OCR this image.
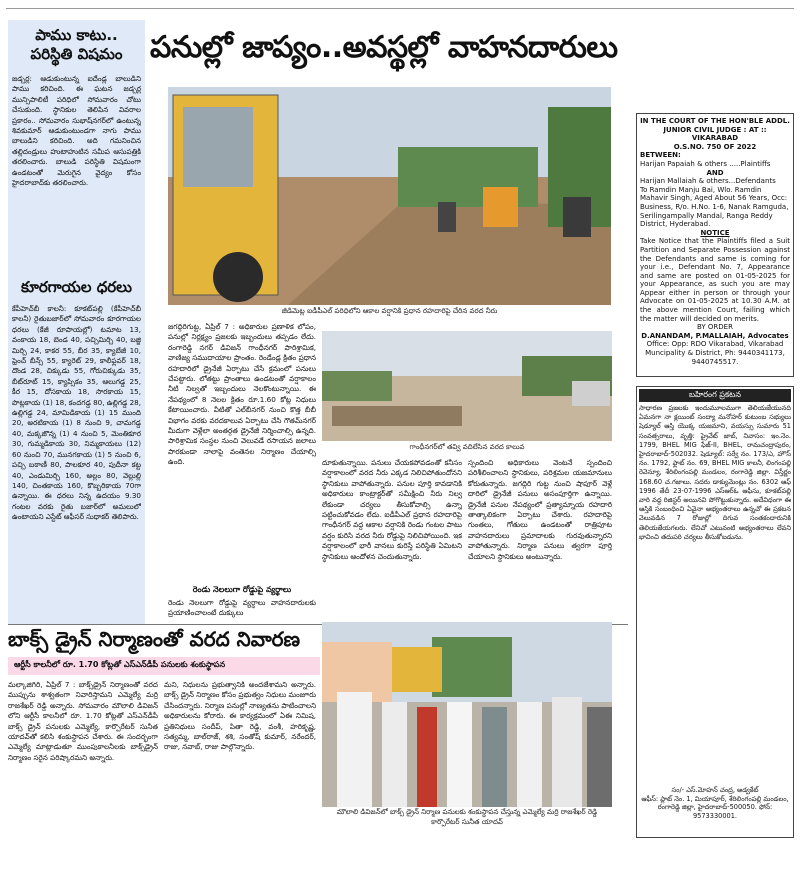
పాము కాటు.. పరిస్థితి విషమం
జడ్చర్ల: ఆడుకుంటున్న ఐదేండ్ల బాలుడిని పాము కరిచింది. ఈ ఘటన జడ్చర్ల మున్సిపాలిటీ పరిధిలో సోమవారం చోటు చేసుకుంది. స్థానికుల తెలిపిన వివరాల ప్రకారం.. సోమవారం సుభాష్‌నగర్‌లో ఉంటున్న శివకుమార్ ఆడుకుంటుండగా నాగు పాము బాలుడిని కరిచింది. అది గమనించిన తల్లిదండ్రులు హుటాహుటిన సమీప ఆసుపత్రికి తరలించారు. బాలుడి పరిస్థితి విషమంగా ఉండటంతో మెరుగైన వైద్యం కోసం హైదరాబాద్‌కు తరలించారు.
కూరగాయల ధరలు
కేపీహెచ్‌బీ కాలనీ: కూకట్‌పల్లి (కేపీహెచ్‌బీ కాలనీ) రైతుబజార్‌లో సోమవారం కూరగాయల ధరలు (కేజీ రూపాయల్లో) టమాట 13, వంకాయ 18, బెండ 40, పచ్చిమిర్చి 40, బజ్జి మిర్చి 24, కాకర 55, బీర 35, క్యాబేజీ 10, ఫ్రెంచ్ బీన్స్ 55, క్యారెట్ 29, కాలీఫ్లవర్ 18, దొండ 28, చిక్కుడు 55, గోరుచిక్కుడు 35, బీట్‌రూట్ 15, క్యాప్సికం 35, ఆలుగడ్డ 25, కీర 15, దోసకాయ 18, సొరకాయ 15, పొట్లకాయ (1) 18, కందగడ్డ 80, ఉల్లిగడ్డ 28, ఉల్లిగడ్డ 24, మామిడికాయ (1) 15 ముంది 20, అరటికాయ (1) 8 నుంచి 9, చామగడ్డ 40, మక్కజొన్న (1) 4 నుంచి 5, మెంతికూర 30, గుమ్మడికాయ 30, నిమ్మకాయలు (12) 60 నుంచి 70, మునగకాయ (1) 5 నుంచి 6, పచ్చి బఠాణీ 80, పాలకూర 40, పుదీనా కట్ట 40, ఎండుమిర్చి 160, అల్లం 80, వెల్లుల్లి 140, చింతకాయ 160, కొబ్బరికాయ 70గా ఉన్నాయి. ఈ ధరలు నిన్న ఉదయం 9.30 గంటల వరకు రైతు బజార్‌లో అమలులో ఉంటాయని ఎస్టేట్ ఆఫీసర్ సుధాకర్ తెలిపారు.
పనుల్లో జాప్యం..అవస్థల్లో వాహనదారులు
జీడిమెట్ల ఐడీపీఎల్ పరిధిలోని ఆకాల వర్షానికి ప్రధాన రహదారిపై చేరిన వరద నీరు
గాంధీనగర్‌లో తవ్వి వదిలేసిన వరద కాలువ
జగద్గిరిగుట్ట, ఏప్రిల్ 7 : అధికారుల ప్రణాళిక లోపం, పనుల్లో నిర్లక్ష్యం ప్రజలకు ఇబ్బందులు తప్పడం లేదు. రంగారెడ్డి నగర్ డివిజన్ గాంధీనగర్ పారిశ్రామిక, వాణిజ్య సముదాయాల ప్రాంతం. రెండేండ్ల క్రితం ప్రధాన రహదారిలో డ్రైనేజీ ఏర్పాటు చేసే క్రమంలో పనులు చేపట్టారు. లోతట్టు ప్రాంతాలు ఉండటంతో వర్షాకాలం నీటి నిల్వతో ఇబ్బందులు నెలకొంటున్నాయి. ఈ నేపథ్యంలో 8 నెలల క్రితం రూ.1.60 కోట్ల నిధులు కేటాయించారు. వీటితో ఎల్‌బీనగర్ నుంచి కొత్త బీబీ విభాగం వరకు వరదకాలువ ఏర్పాటు చేసి గౌతమ్‌నగర్ మీదుగా వెళ్లేలా అంతర్గత డ్రైనేజీ నిర్మించాల్సి ఉన్నది. పారిశ్రామిక సంస్థల నుంచి వెలువడే రసాయన జలాలు పారకుండా నాలాపై వంతెనల నిర్మాణం చేయాల్సి ఉంది.
రెండు నెలలుగా రోడ్డుపై వ్యర్థాలు
రెండు నెలలుగా రోడ్డుపై వ్యర్థాలు వాహనదారులకు ప్రయాణించాలంటే దుక్కులు
దూకుతున్నాయి. పనులు చేయకపోవడంతో కనీసం వర్షాకాలంలో వరద నీరు ఎక్కడ నిలిచిపోతుందోనని స్థానికులు వాపోతున్నారు. పనుల పూర్తి కావడానికి అధికారులు కాంట్రాక్టర్‌తో సమీక్షించి నీరు నిల్వ లేకుండా చర్యలు తీసుకోవాల్సి ఉన్నా పట్టించుకోవడం లేదు. ఐడీపీఎల్ ప్రధాన రహదారిపై గాంధీనగర్ వద్ద ఆకాల వర్షానికి రెండు గంటల పాటు వర్షం కురిసి వరద నీరు రోడ్డుపై నిలిచిపోయింది. ఇక వర్షాకాలంలో భారీ వానలు కురిస్తే పరిస్థితి ఏమిటని స్థానికులు ఆందోళన చెందుతున్నారు.
స్పందించి అధికారులు వెంటనే స్పందించి పరిశీలించాలని స్థానికులు, పరిశ్రమల యజమానులు కోరుతున్నారు. జగద్గిరి గుట్ట నుంచి షాపూర్ వెళ్లే దారిలో డ్రైనేజీ పనులు అసంపూర్తిగా ఉన్నాయి. డ్రైనేజీ పనుల నేపథ్యంలో ప్రత్యామ్నాయ రహదారి తాత్కాలికంగా ఏర్పాటు చేశారు. రహదారిపై గుంతలు, గోతులు ఉండటంతో రాత్రిపూట వాహనదారులు ప్రమాదాలకు గురవుతున్నారని వాపోతున్నారు. నిర్మాణ పనులు త్వరగా పూర్తి చేయాలని స్థానికులు అంటున్నారు.
IN THE COURT OF THE HON'BLE ADDL. JUNIOR CIVIL JUDGE : AT :: VIKARABAD
O.S.NO. 750 OF 2022
BETWEEN:
Harijan Papaiah & others .....Plaintiffs
AND
Harijan Mallaiah & others...Defendants
To Ramdin Manju Bai, Wlo. Ramdin Mahavir Singh, Aged About 56 Years, Occ: Business, R/o. H.No. 1-6, Nanak Ramguda, Serilingampally Mandal, Ranga Reddy District, Hyderabad.
NOTICE
Take Notice that the Plaintiffs filed a Suit Partition and Separate Possession against the Defendants and same is coming for your i.e., Defendant No. 7, Appearance and same are posted on 01-05-2025 for your Appearance, as such you are may Appear either in person or through your Advocate on 01-05-2025 at 10.30 A.M. at the above mention Court, failing which the matter will decided on merits.
BY ORDER
D.ANANDAM, P.MALLAIAH, Advocates
Office: Opp: RDO Vikarabad, Vikarabad Muncipality & District, Ph: 9440341173, 9440745517.
బహిరంగ ప్రకటన
సాధారణ ప్రజలకు ఇందుమూలముగా తెలియజేయునది ఏమనగా నా క్లయింట్ సంద్యా మనోహర్ కుటుంబ సభ్యులు షెడ్యూల్ ఆస్తి యొక్క యజమాని, వయస్సు సుమారు 51 సంవత్సరాలు, వృత్తి: ప్రైవేట్ జాబ్, నివాసం: ఇం.నెం. 1799, BHEL MIG ఫేజ్-II, BHEL, రామచంద్రాపురం, హైదరాబాద్-502032. షెడ్యూల్: సర్వే నం. 173/ఎ, హౌస్ నం. 1792, ఫ్లాట్ నం. 69, BHEL MIG కాలనీ, లింగంపల్లి రెవెన్యూ, శేరిలింగంపల్లి మండలం, రంగారెడ్డి జిల్లా. విస్తీర్ణం 168.60 చ.గజాలు. సదరు డాక్యుమెంట్లు నం. 6302 ఆఫ్ 1996 తేదీ 23-07-1996 ఎస్‌ఆర్‌ఓ ఆఫీసు, కూకట్‌పల్లి వారి వద్ద రిజిస్టర్ అయినవి పోగొట్టుకున్నారు. అదేవిధంగా ఈ ఆస్తికి సంబంధించి ఏవైనా అభ్యంతరాలు ఉన్నచో ఈ ప్రకటన వెలువడిన 7 రోజుల్లో దిగువ సంతకందారునికి తెలియజేయగలరు. లేనిచో ఎటువంటి అభ్యంతరాలు లేవని భావించి తదుపరి చర్యలు తీసుకోబడును.
సం/- ఎస్.మోహన్ చంద్ర, అడ్వకేట్
ఆఫీస్: ప్లాట్ నెం. 1, మియాపూర్, శేరిలింగంపల్లి మండలం, రంగారెడ్డి జిల్లా, హైదరాబాద్-500050. ఫోన్: 9573330001.
బాక్స్ డ్రైన్ నిర్మాణంతో వరద నివారణ
ఆర్టీసీ కాలనీలో రూ. 1.70 కోట్లతో ఎస్‌ఎన్‌డీపీ పనులకు శంకుస్థాపన
మల్కాజిగిరి, ఏప్రిల్ 7 : బాక్స్‌డ్రైన్ నిర్మాణంతో వరద ముప్పును శాశ్వతంగా నివారిస్తామని ఎమ్మెల్యే మర్రి రాజశేఖర్ రెడ్డి అన్నారు. సోమవారం మౌలాలి డివిజన్ లోని ఆర్టీసీ కాలనీలో రూ. 1.70 కోట్లతో ఎస్‌ఎన్‌డీపీ బాక్స్ డ్రైన్ పనులకు ఎమ్మెల్యే, కార్పొరేటర్ సునీత యాదవ్‌తో కలిసి శంకుస్థాపన చేశారు. ఈ సందర్భంగా ఎమ్మెల్యే మాట్లాడుతూ ముంపుకాలనీలకు బాక్స్‌డ్రైన్ నిర్మాణం సరైన పరిష్కారమని అన్నారు.
మని, నిధులను ప్రభుత్వానికి అందజేశామని అన్నారు. బాక్స్ డ్రైన్ నిర్మాణం కోసం ప్రభుత్వం నిధులు మంజూరు చేసిందన్నారు. నిర్మాణ పనుల్లో నాణ్యతను పాటించాలని అధికారులను కోరారు. ఈ కార్యక్రమంలో ఏఈ నిమిష, ప్రతినిధులు సందీప్, పితా రెడ్డి, వంశీ, హరికృష్ణ, సత్యమ్మ, బాల్‌రాజ్, శశి, సంతోష్ కుమార్, నరేందర్, రాజు, నవాబ్, రాజు పాల్గొన్నారు.
మౌలాలి డివిజన్‌లో బాక్స్ డ్రైన్ నిర్మాణ పనులకు శంకుస్థాపన చేస్తున్న ఎమ్మెల్యే మర్రి రాజశేఖర్ రెడ్డి కార్పొరేటర్ సునీత యాదవ్
